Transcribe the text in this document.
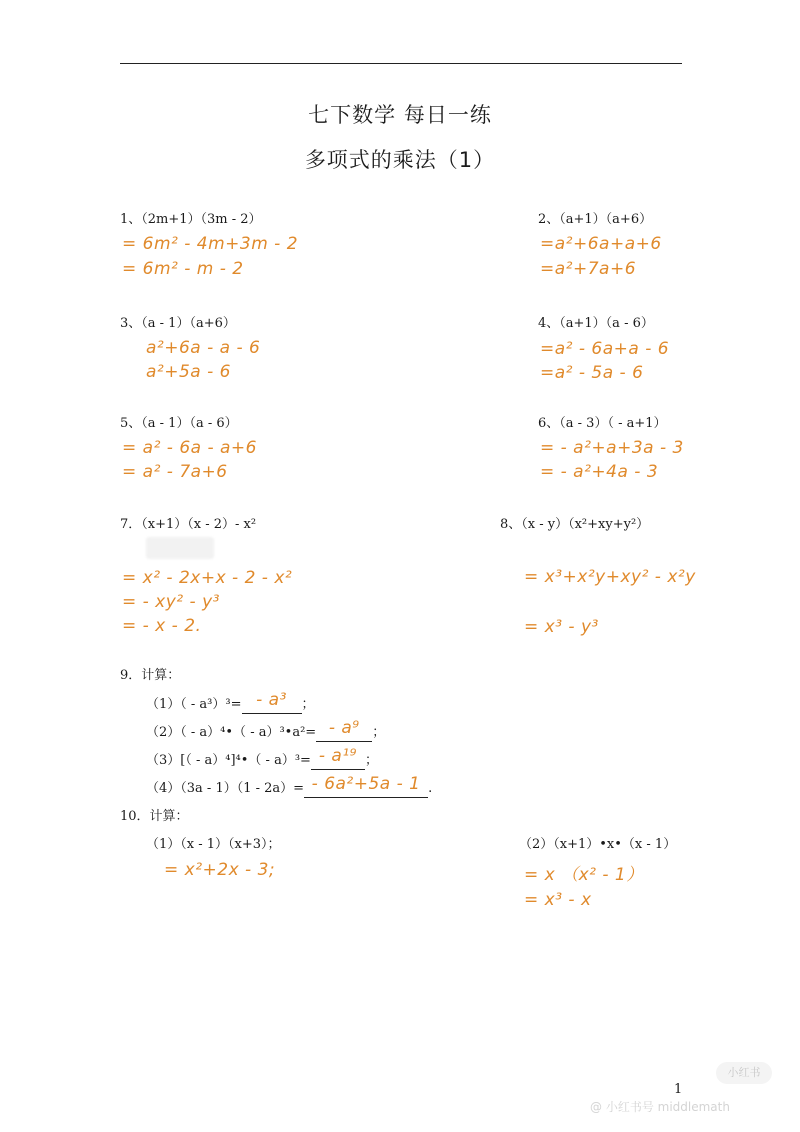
七下数学 每日一练
多项式的乘法（1）
1、（2m+1）（3m - 2）
= 6m² - 4m+3m - 2
= 6m² - m - 2
2、（a+1）（a+6）
=a²+6a+a+6
=a²+7a+6
3、（a - 1）（a+6）
a²+6a - a - 6
a²+5a - 6
4、（a+1）（a - 6）
=a² - 6a+a - 6
=a² - 5a - 6
5、（a - 1）（a - 6）
= a² - 6a - a+6
= a² - 7a+6
6、（a - 3）（ - a+1）
= - a²+a+3a - 3
= - a²+4a - 3
7．（x+1）（x - 2）- x²
= x² - 2x+x - 2 - x²
= - xy² - y³
= - x - 2.
8、（x - y）（x²+xy+y²）
= x³+x²y+xy² - x²y
= x³ - y³
9．计算：
（1）（ - a³）³= - a³ ；
（2）（ - a）⁴•（ - a）³•a²= - a⁹ ；
（3）[（ - a）⁴]⁴•（ - a）³= - a¹⁹ ；
（4）（3a - 1）（1 - 2a）= - 6a²+5a - 1 .
10．计算：
（1）（x - 1）（x+3）；
= x²+2x - 3;
（2）（x+1）•x•（x - 1）
= x （x² - 1）
= x³ - x
1
小红书
@ 小红书号 middlemath
